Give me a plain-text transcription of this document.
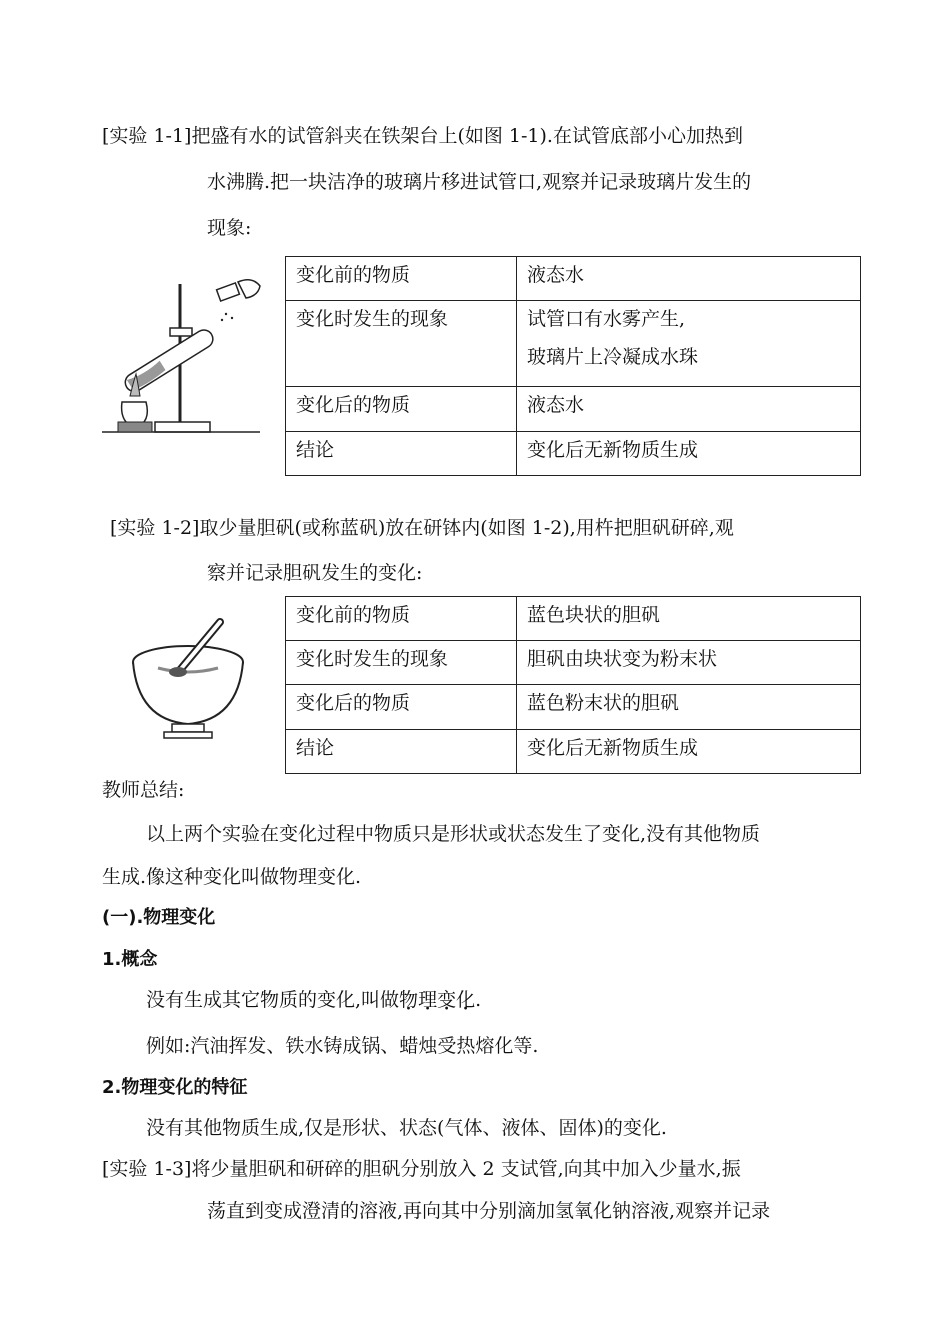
[实验 1-1]把盛有水的试管斜夹在铁架台上(如图 1-1).在试管底部小心加热到
水沸腾.把一块洁净的玻璃片移进试管口,观察并记录玻璃片发生的
现象:
变化前的物质	液态水
变化时发生的现象	试管口有水雾产生,
玻璃片上冷凝成水珠

变化后的物质	液态水
结论	变化后无新物质生成
[实验 1-2]取少量胆矾(或称蓝矾)放在研钵内(如图 1-2),用杵把胆矾研碎,观
察并记录胆矾发生的变化:
变化前的物质	蓝色块状的胆矾
变化时发生的现象	胆矾由块状变为粉末状
变化后的物质	蓝色粉末状的胆矾
结论	变化后无新物质生成
教师总结:
以上两个实验在变化过程中物质只是形状或状态发生了变化,没有其他物质
生成.像这种变化叫做物理变化.
(一).物理变化
1.概念
没有生成其它物质的变化,叫做物理变化.
例如:汽油挥发、铁水铸成锅、蜡烛受热熔化等.
2.物理变化的特征
没有其他物质生成,仅是形状、状态(气体、液体、固体)的变化.
[实验 1-3]将少量胆矾和研碎的胆矾分别放入 2 支试管,向其中加入少量水,振
荡直到变成澄清的溶液,再向其中分别滴加氢氧化钠溶液,观察并记录
